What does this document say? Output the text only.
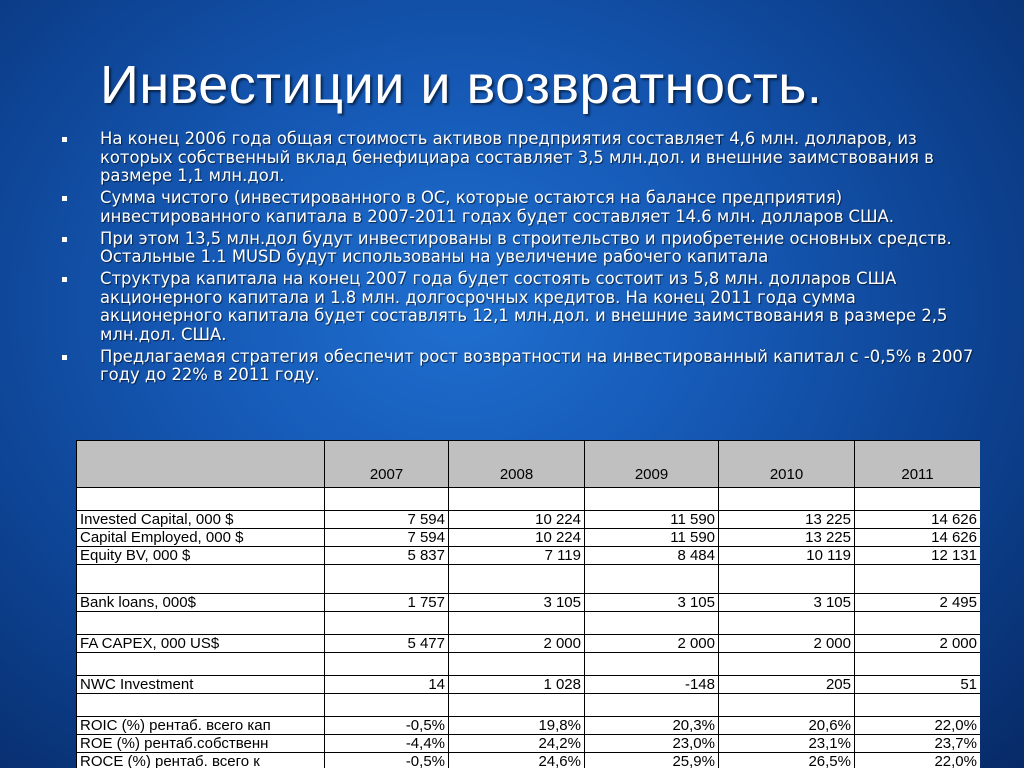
Инвестиции и возвратность.
На конец 2006 года общая стоимость активов предприятия составляет 4,6 млн. долларов, из которых собственный вклад бенефициара составляет 3,5 млн.дол. и внешние заимствования в размере 1,1 млн.дол.
Сумма чистого (инвестированного в ОС, которые остаются на балансе предприятия) инвестированного капитала в 2007-2011 годах будет составляет 14.6 млн. долларов США.
При этом 13,5 млн.дол будут инвестированы в строительство и приобретение основных средств. Остальные 1.1 MUSD будут использованы на увеличение рабочего капитала
Структура капитала на конец 2007 года будет состоять состоит из 5,8 млн. долларов США акционерного капитала и 1.8 млн. долгосрочных кредитов. На конец 2011 года сумма акционерного капитала будет составлять 12,1 млн.дол. и внешние заимствования в размере 2,5 млн.дол. США.
Предлагаемая стратегия обеспечит рост возвратности на инвестированный капитал с -0,5% в 2007 году до 22% в 2011 году.
	2007	2008	2009	2010	2011

Invested Capital, 000 $	7 594	10 224	11 590	13 225	14 626
Capital Employed, 000 $	7 594	10 224	11 590	13 225	14 626
Equity BV, 000 $	5 837	7 119	8 484	10 119	12 131

Bank loans, 000$	1 757	3 105	3 105	3 105	2 495

FA CAPEX, 000 US$	5 477	2 000	2 000	2 000	2 000

NWC Investment	14	1 028	-148	205	51

ROIC (%) рентаб. всего кап	-0,5%	19,8%	20,3%	20,6%	22,0%
ROE (%) рентаб.собственн	-4,4%	24,2%	23,0%	23,1%	23,7%
ROCE (%) рентаб. всего к	-0,5%	24,6%	25,9%	26,5%	22,0%
